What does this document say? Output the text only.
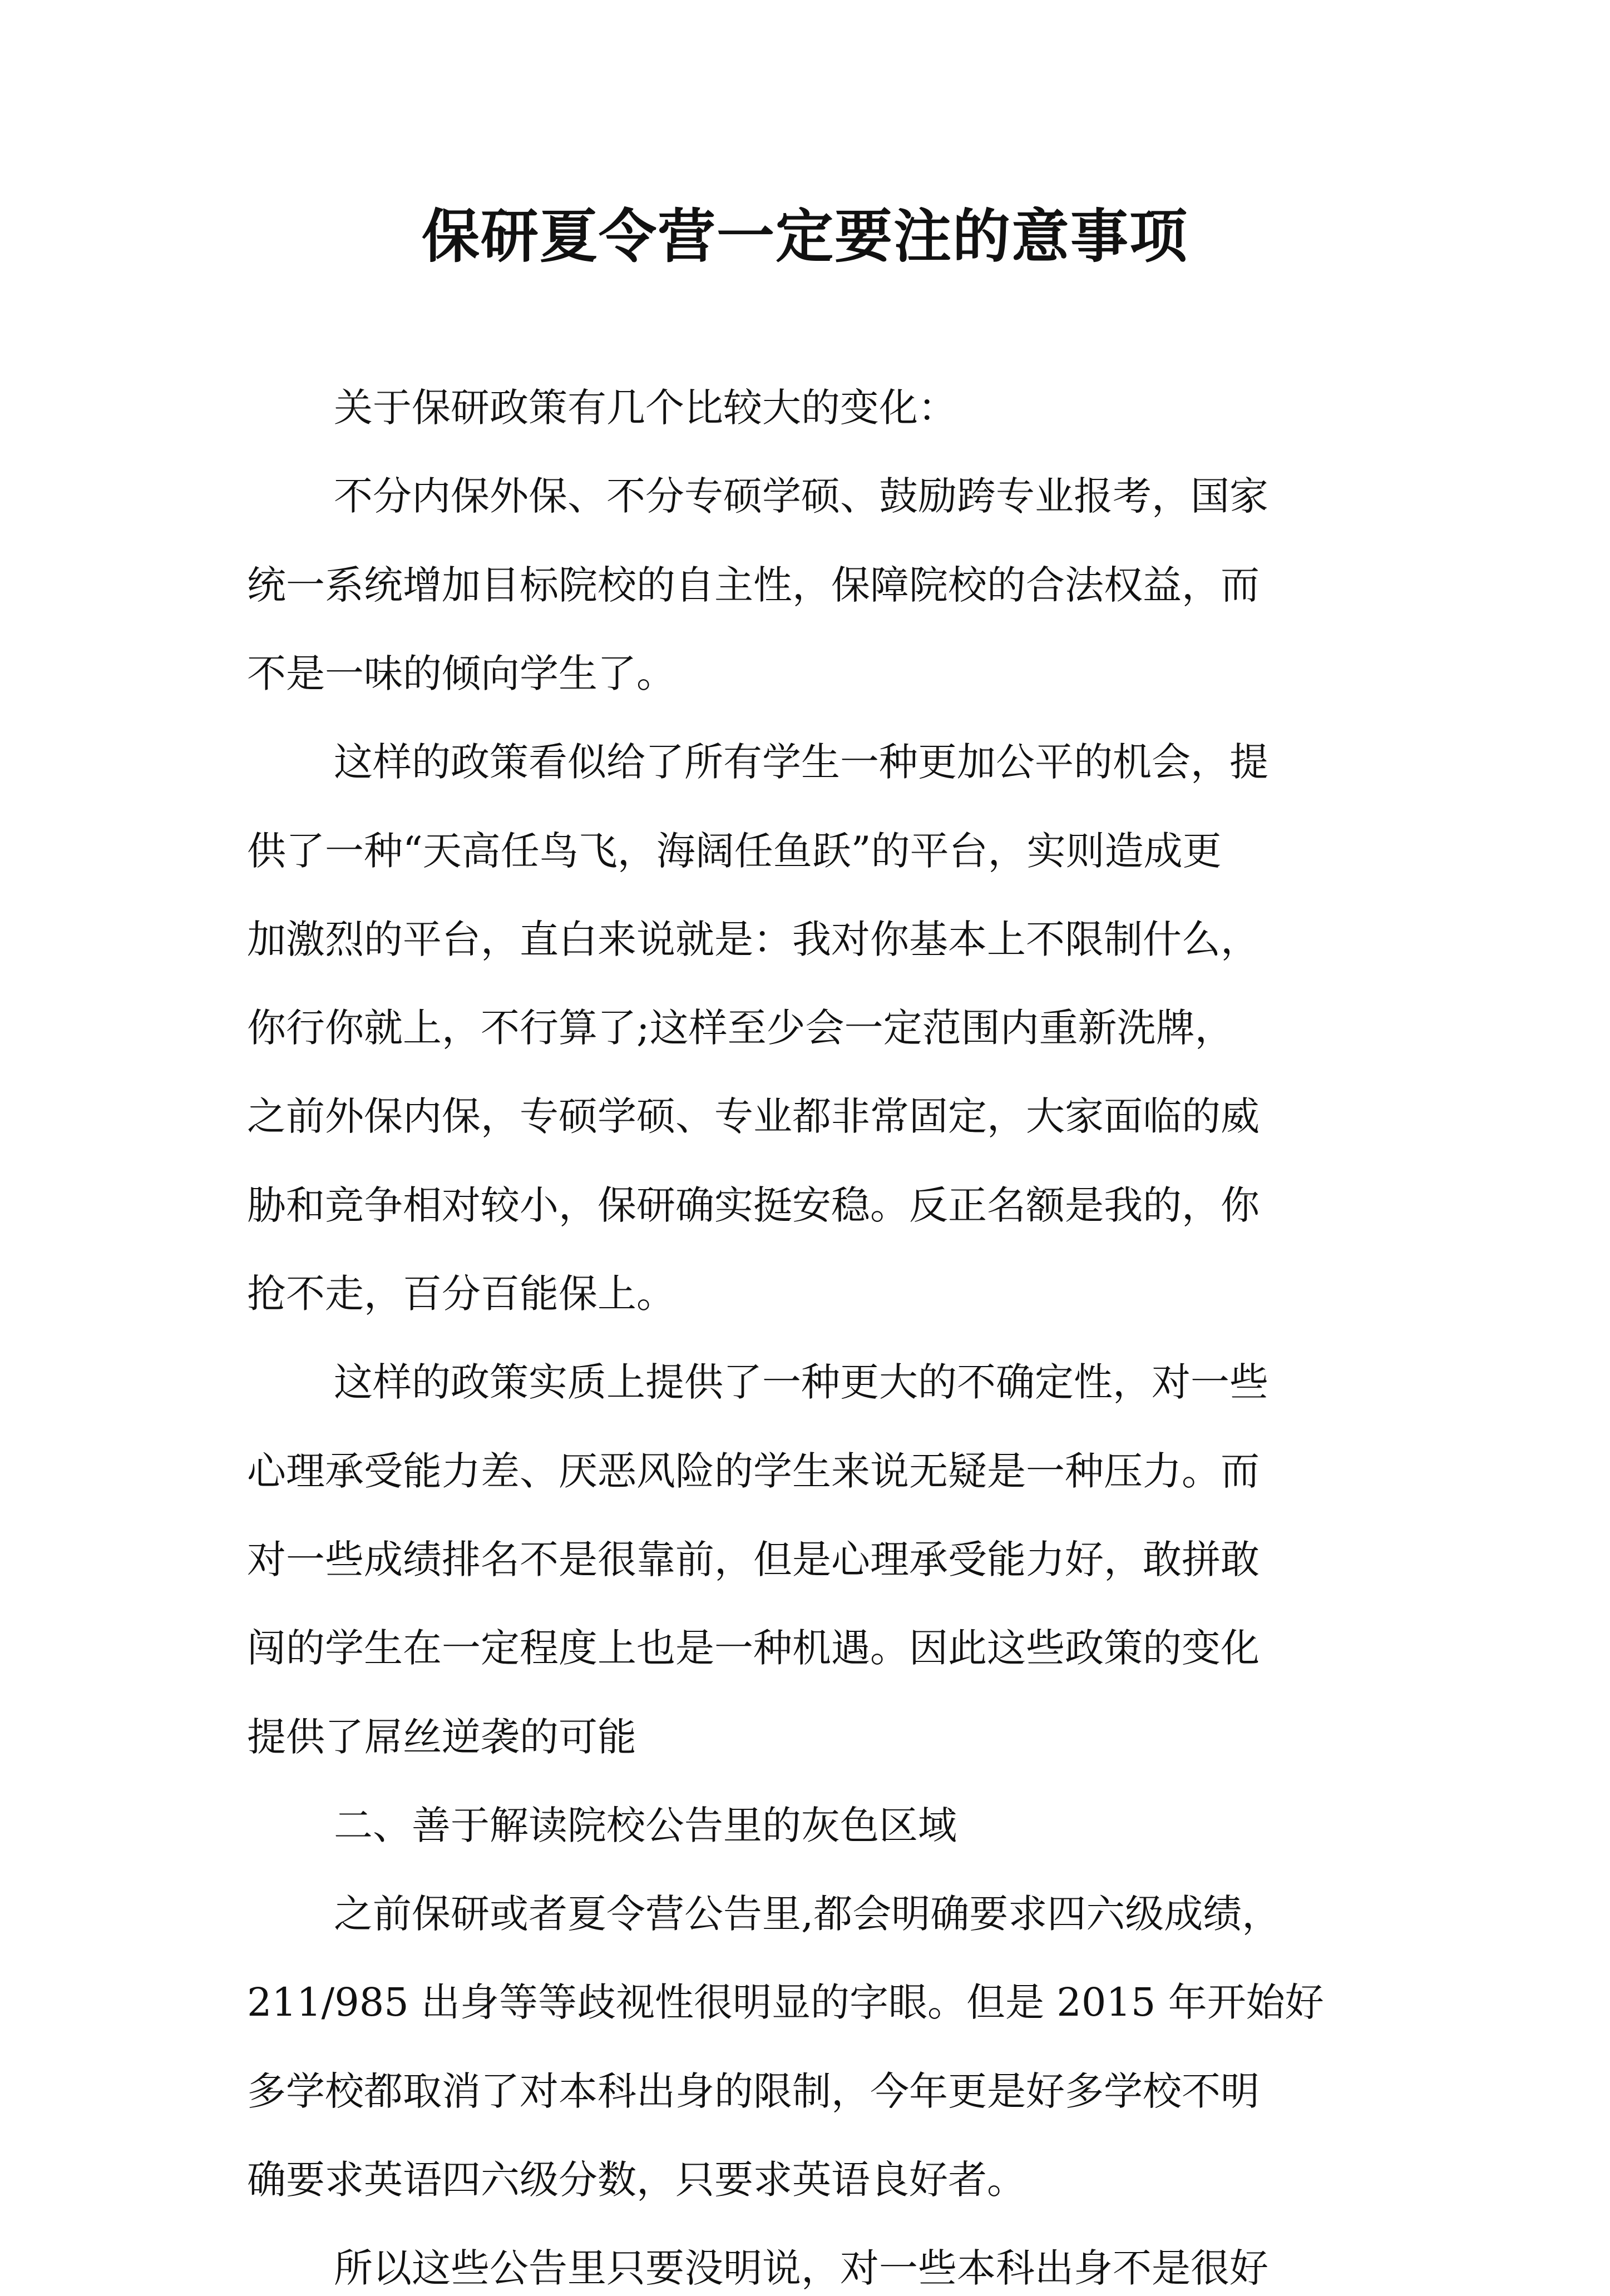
保研夏令营一定要注的意事项

关于保研政策有几个比较大的变化：

不分内保外保、不分专硕学硕、鼓励跨专业报考，国家

统一系统增加目标院校的自主性，保障院校的合法权益，而

不是一味的倾向学生了。

这样的政策看似给了所有学生一种更加公平的机会，提

供了一种“天高任鸟飞，海阔任鱼跃”的平台，实则造成更

加激烈的平台，直白来说就是：我对你基本上不限制什么，

你行你就上，不行算了;这样至少会一定范围内重新洗牌，

之前外保内保，专硕学硕、专业都非常固定，大家面临的威

胁和竞争相对较小，保研确实挺安稳。反正名额是我的，你

抢不走，百分百能保上。

这样的政策实质上提供了一种更大的不确定性，对一些

心理承受能力差、厌恶风险的学生来说无疑是一种压力。而

对一些成绩排名不是很靠前，但是心理承受能力好，敢拼敢

闯的学生在一定程度上也是一种机遇。因此这些政策的变化

提供了屌丝逆袭的可能

二、善于解读院校公告里的灰色区域

之前保研或者夏令营公告里,都会明确要求四六级成绩，

211/985 出身等等歧视性很明显的字眼。但是 2015 年开始好

多学校都取消了对本科出身的限制，今年更是好多学校不明

确要求英语四六级分数，只要求英语良好者。

所以这些公告里只要没明说，对一些本科出身不是很好
